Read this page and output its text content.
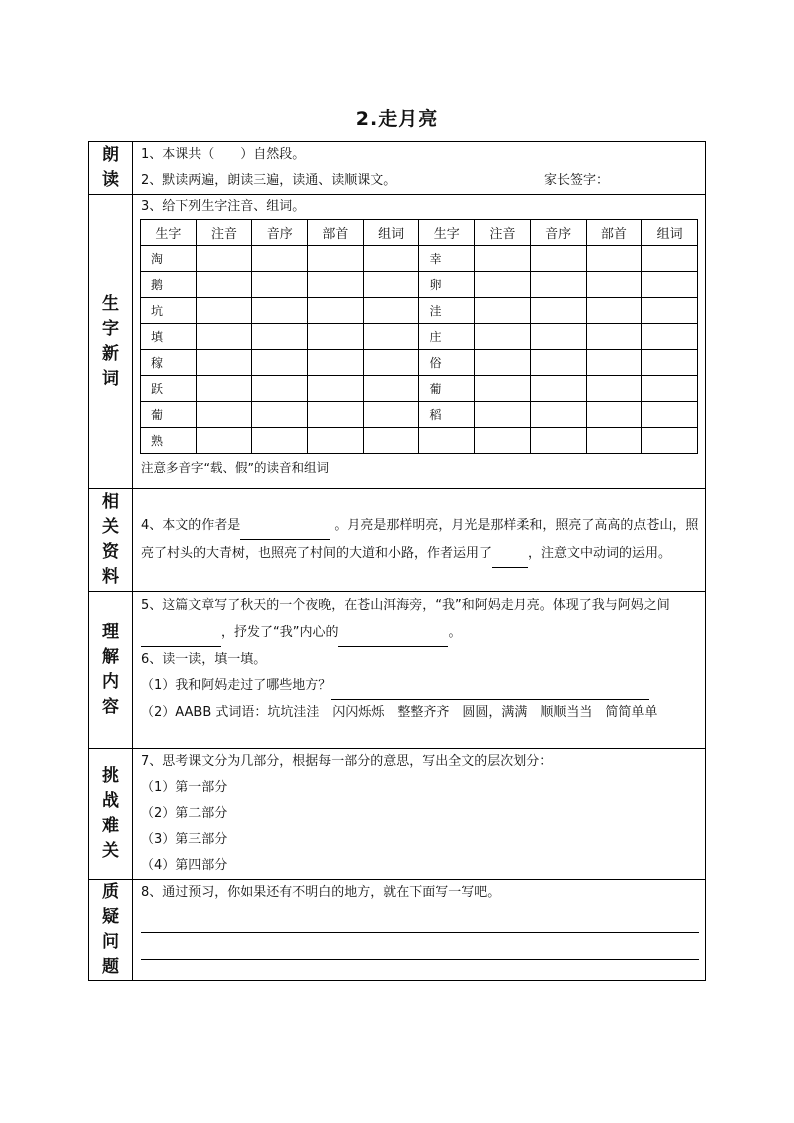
2.走月亮
朗
读

1、本课共（　　）自然段。
2、默读两遍，朗读三遍，读通、读顺课文。	家长签字：

生
字
新
词

3、给下列生字注音、组词。
生字	注音	音序	部首	组词	生字	注音	音序	部首	组词
淘					幸				
鹅					卵				
坑					洼				
填					庄				
稼					俗				
跃					葡				
葡					稻				
熟									
注意多音字“载、假”的读音和组词

相
关
资
料

4、本文的作者是	。月亮是那样明亮，月光是那样柔和，照亮了高高的点苍山，照亮了村头的大青树，也照亮了村间的大道和小路，作者运用了	，注意文中动词的运用。

理
解
内
容

5、这篇文章写了秋天的一个夜晚，在苍山洱海旁，“我”和阿妈走月亮。体现了我与阿妈之间 ，抒发了“我”内心的	。
6、读一读，填一填。
（1）我和阿妈走过了哪些地方？
（2）AABB 式词语：坑坑洼洼　闪闪烁烁　整整齐齐　圆圆，满满　顺顺当当　简简单单

挑
战
难
关

7、思考课文分为几部分，根据每一部分的意思，写出全文的层次划分：
（1）第一部分
（2）第二部分
（3）第三部分
（4）第四部分

质
疑
问
题

8、通过预习，你如果还有不明白的地方，就在下面写一写吧。
